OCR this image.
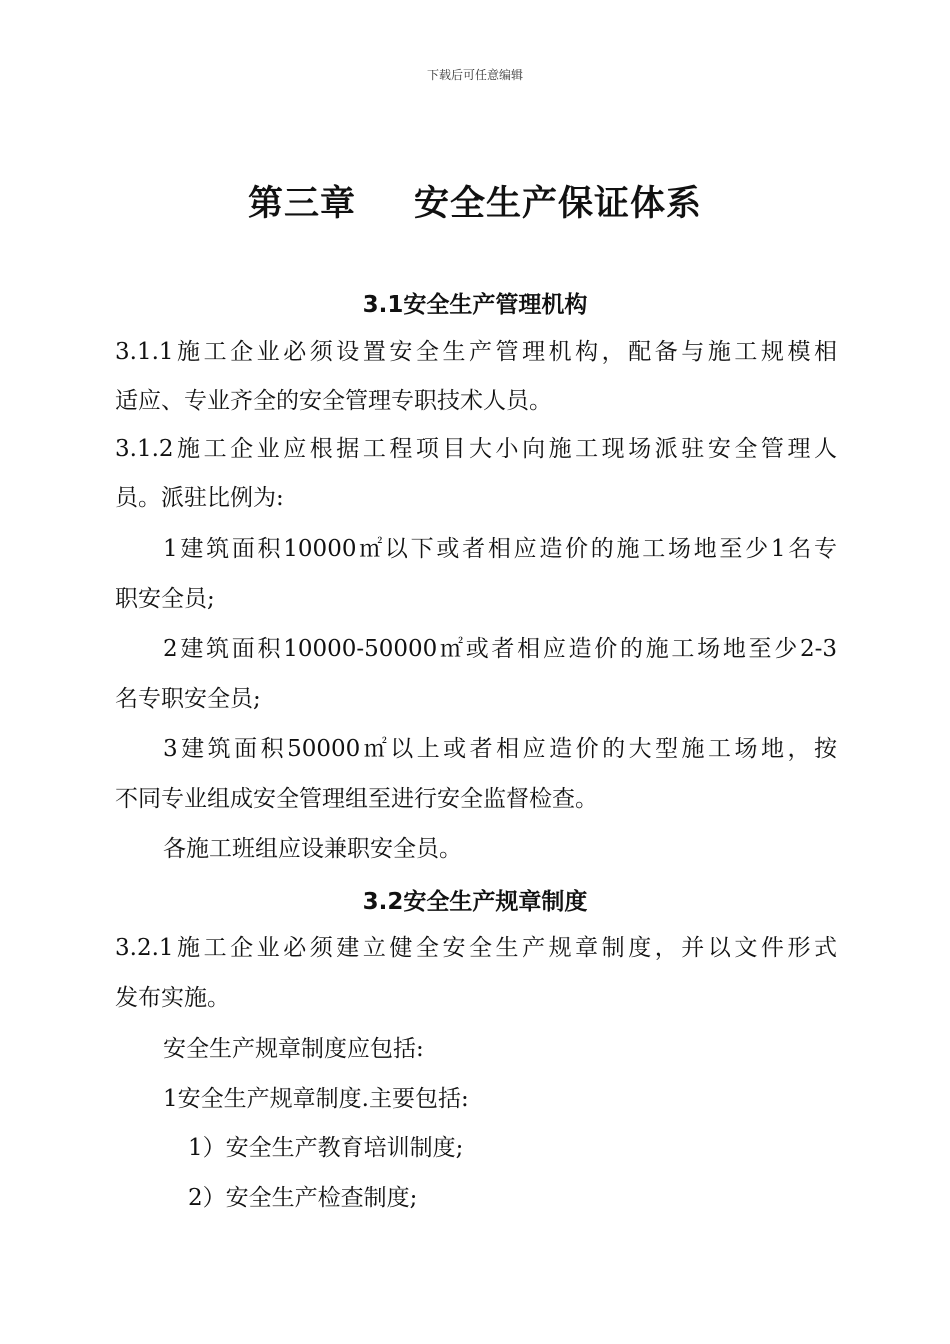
下载后可任意编辑
第三章 安全生产保证体系
3.1安全生产管理机构
3.1.1施工企业必须设置安全生产管理机构，配备与施工规模相
适应、专业齐全的安全管理专职技术人员。
3.1.2施工企业应根据工程项目大小向施工现场派驻安全管理人
员。派驻比例为:
1建筑面积10000㎡以下或者相应造价的施工场地至少1名专
职安全员;
2建筑面积10000-50000㎡或者相应造价的施工场地至少2-3
名专职安全员;
3建筑面积50000㎡以上或者相应造价的大型施工场地，按
不同专业组成安全管理组至进行安全监督检查。
各施工班组应设兼职安全员。
3.2安全生产规章制度
3.2.1施工企业必须建立健全安全生产规章制度，并以文件形式
发布实施。
安全生产规章制度应包括:
1安全生产规章制度.主要包括:
1）安全生产教育培训制度;
2）安全生产检查制度;
